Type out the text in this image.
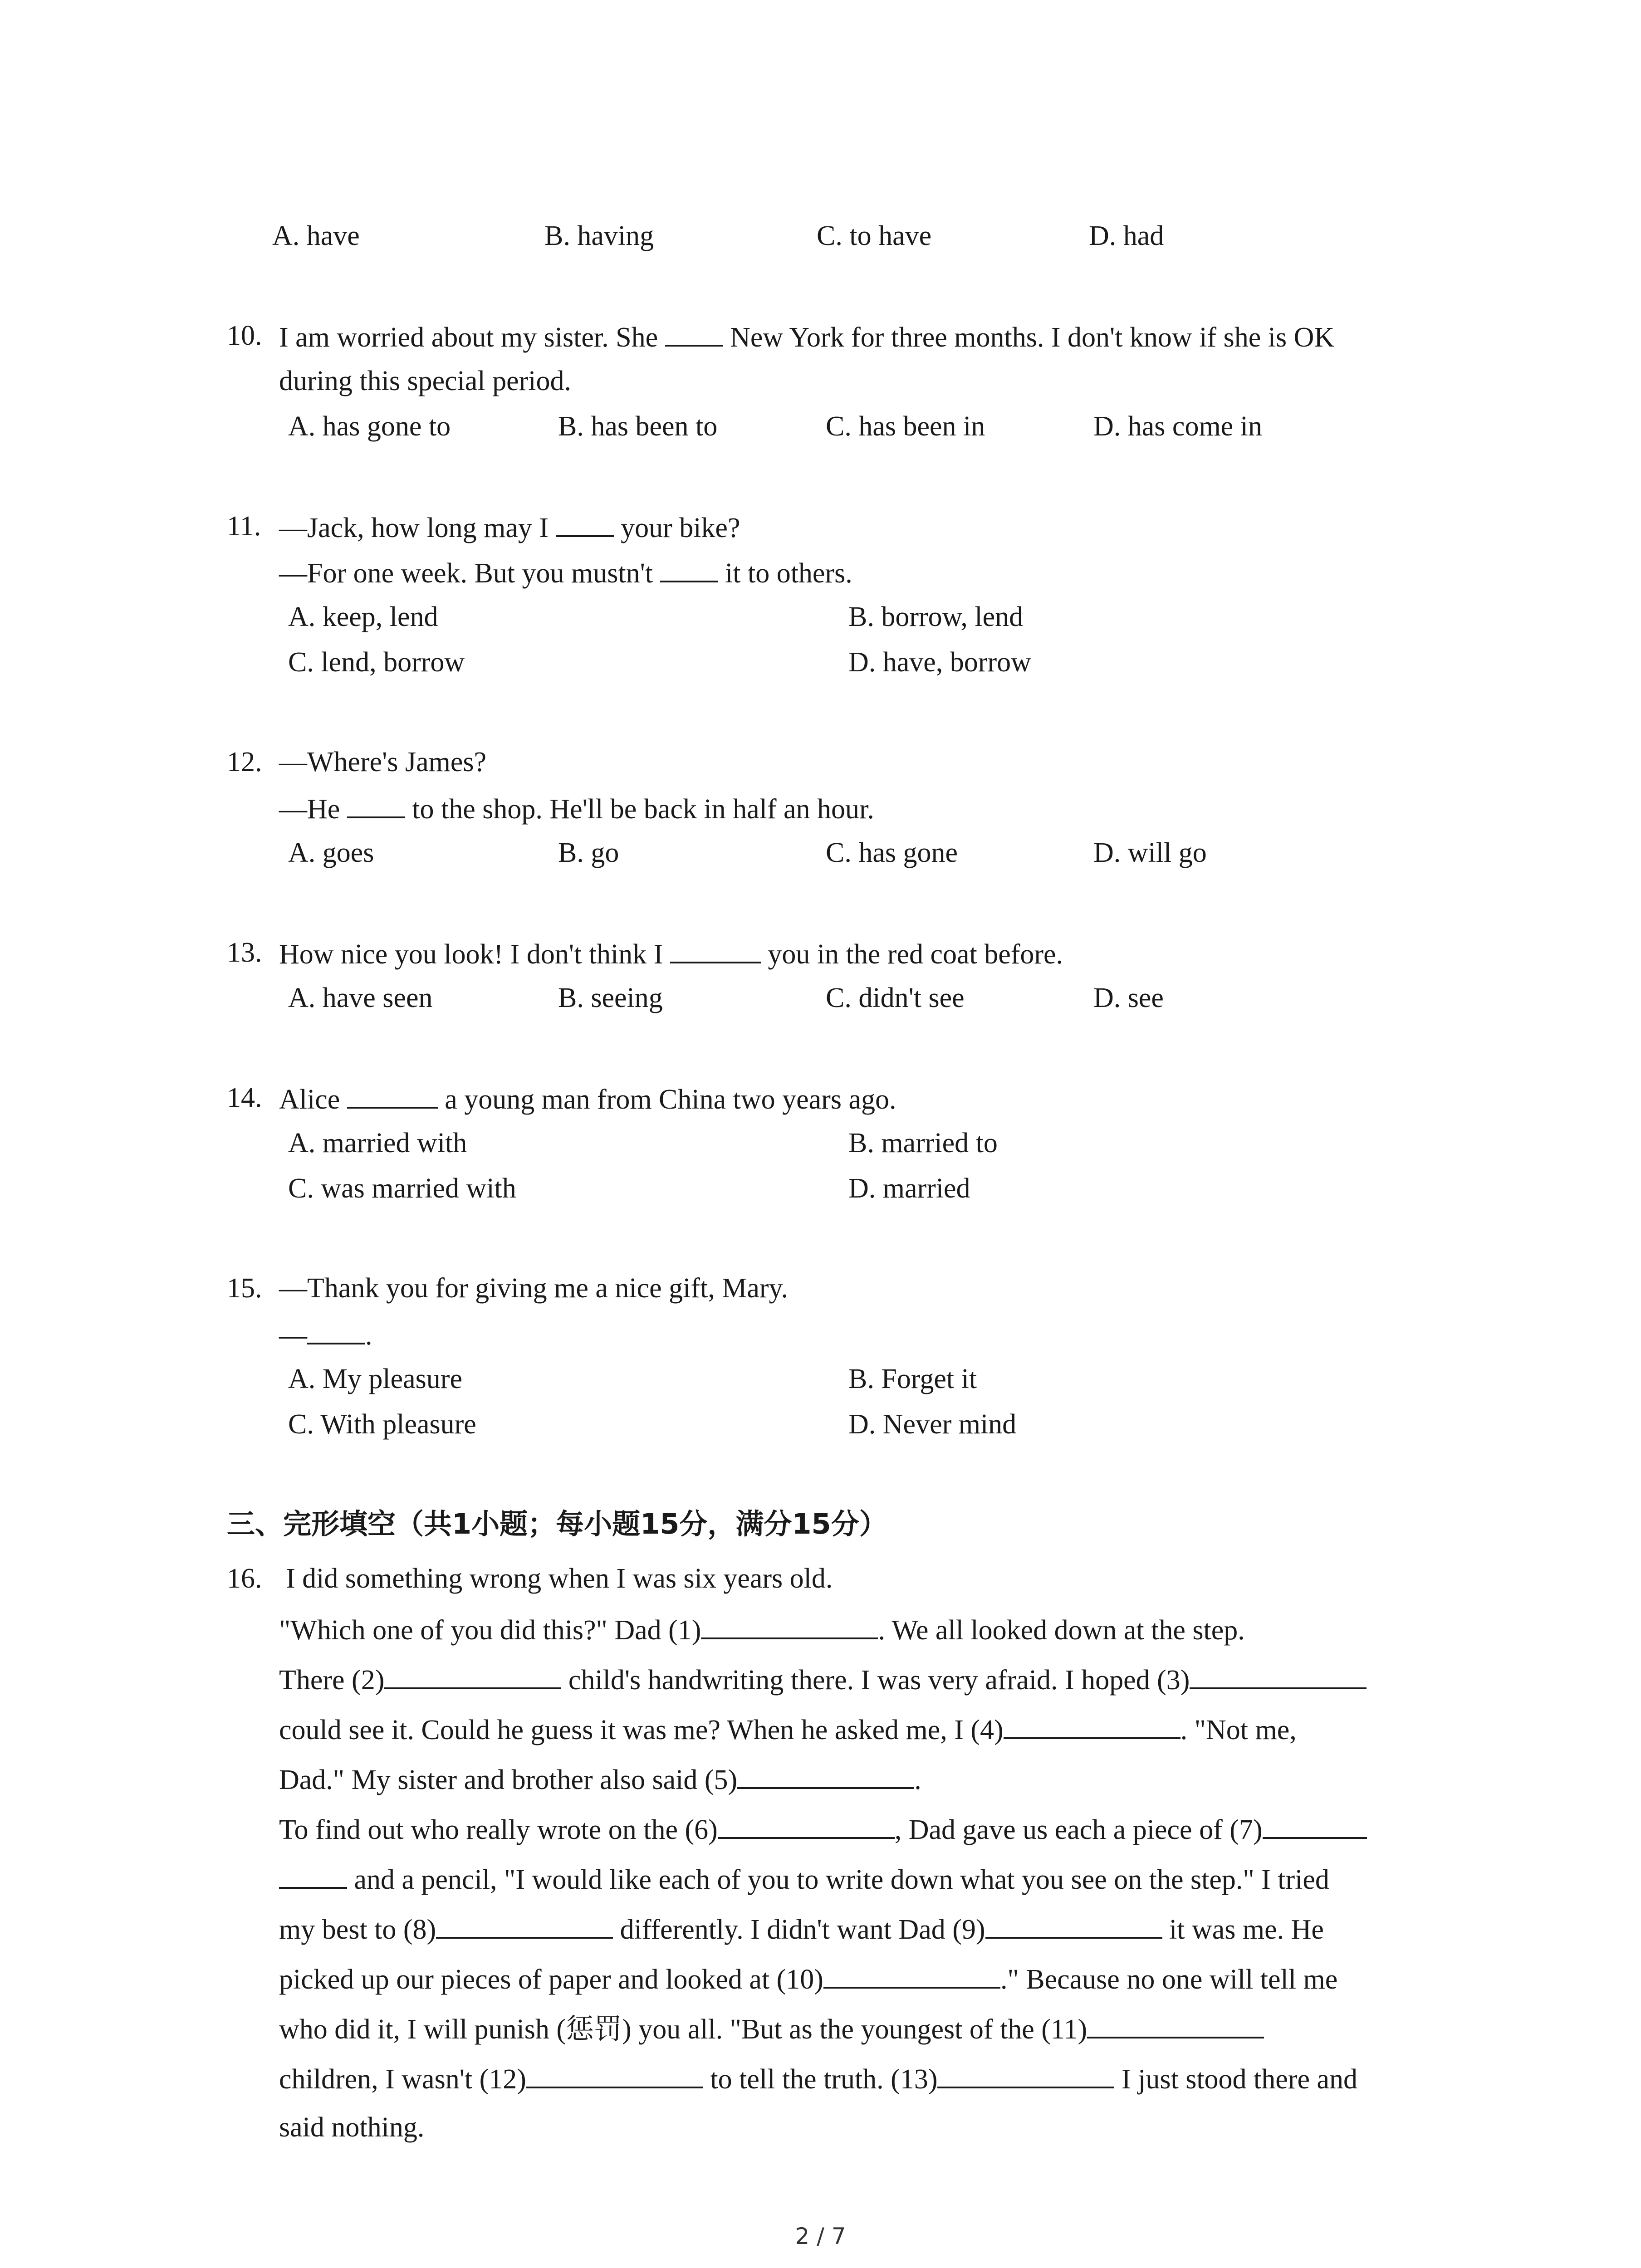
A. have	B. having	C. to have	D. had
10. I am worried about my sister. She	New York for three months. I don't know if she is OK
during this special period.
A. has gone to	B. has been to	C. has been in	D. has come in
11. —Jack, how long may I	your bike?
—For one week. But you mustn't	it to others.
A. keep, lend	B. borrow, lend
C. lend, borrow	D. have, borrow
12. —Where's James?
—He	to the shop. He'll be back in half an hour.
A. goes	B. go	C. has gone	D. will go
13. How nice you look! I don't think I	you in the red coat before.
A. have seen	B. seeing	C. didn't see	D. see
14. Alice	a young man from China two years ago.
A. married with	B. married to
C. was married with	D. married
15. —Thank you for giving me a nice gift, Mary.
— .
A. My pleasure	B. Forget it
C. With pleasure	D. Never mind
三、完形填空（共1小题；每小题15分，满分15分）
16. I did something wrong when I was six years old.
"Which one of you did this?" Dad (1)	. We all looked down at the step.
There (2)	child's handwriting there. I was very afraid. I hoped (3)
could see it. Could he guess it was me? When he asked me, I (4)	. "Not me,
Dad." My sister and brother also said (5)	.
To find out who really wrote on the (6)	, Dad gave us each a piece of (7)
and a pencil, "I would like each of you to write down what you see on the step." I tried
my best to (8)	differently. I didn't want Dad (9)	it was me. He
picked up our pieces of paper and looked at (10)	." Because no one will tell me
who did it, I will punish (惩罚) you all. "But as the youngest of the (11)
children, I wasn't (12)	to tell the truth. (13)	I just stood there and
said nothing.
2 / 7
